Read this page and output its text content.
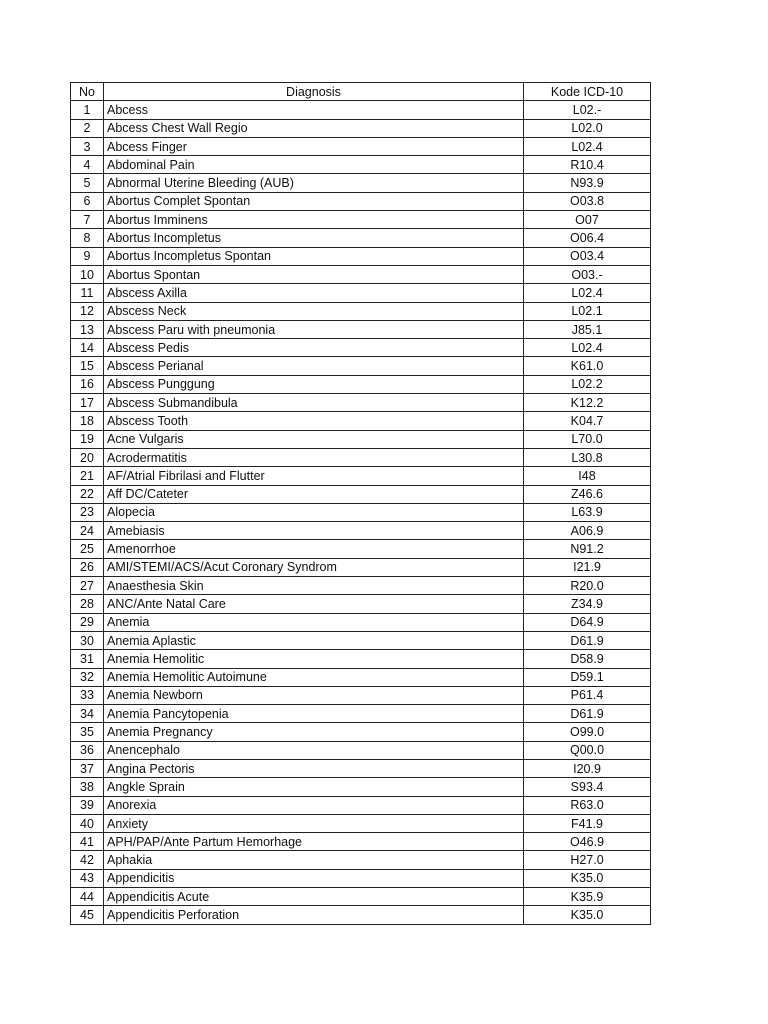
No	Diagnosis	Kode ICD-10
1	Abcess	L02.-
2	Abcess Chest Wall Regio	L02.0
3	Abcess Finger	L02.4
4	Abdominal Pain	R10.4
5	Abnormal Uterine Bleeding (AUB)	N93.9
6	Abortus Complet Spontan	O03.8
7	Abortus Imminens	O07
8	Abortus Incompletus	O06.4
9	Abortus Incompletus Spontan	O03.4
10	Abortus Spontan	O03.-
11	Abscess Axilla	L02.4
12	Abscess Neck	L02.1
13	Abscess Paru with pneumonia	J85.1
14	Abscess Pedis	L02.4
15	Abscess Perianal	K61.0
16	Abscess Punggung	L02.2
17	Abscess Submandibula	K12.2
18	Abscess Tooth	K04.7
19	Acne Vulgaris	L70.0
20	Acrodermatitis	L30.8
21	AF/Atrial Fibrilasi and Flutter	I48
22	Aff DC/Cateter	Z46.6
23	Alopecia	L63.9
24	Amebiasis	A06.9
25	Amenorrhoe	N91.2
26	AMI/STEMI/ACS/Acut Coronary Syndrom	I21.9
27	Anaesthesia Skin	R20.0
28	ANC/Ante Natal Care	Z34.9
29	Anemia	D64.9
30	Anemia Aplastic	D61.9
31	Anemia Hemolitic	D58.9
32	Anemia Hemolitic Autoimune	D59.1
33	Anemia Newborn	P61.4
34	Anemia Pancytopenia	D61.9
35	Anemia Pregnancy	O99.0
36	Anencephalo	Q00.0
37	Angina Pectoris	I20.9
38	Angkle Sprain	S93.4
39	Anorexia	R63.0
40	Anxiety	F41.9
41	APH/PAP/Ante Partum Hemorhage	O46.9
42	Aphakia	H27.0
43	Appendicitis	K35.0
44	Appendicitis Acute	K35.9
45	Appendicitis Perforation	K35.0
